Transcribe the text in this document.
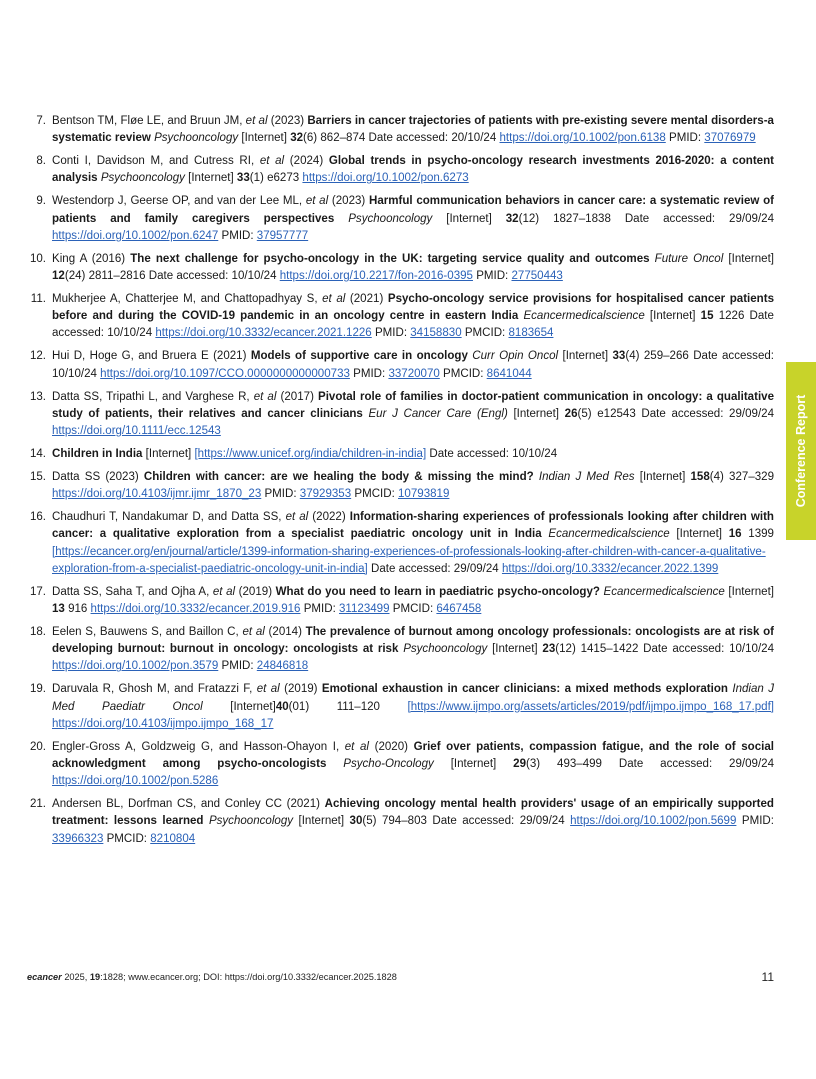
7. Bentson TM, Fløe LE, and Bruun JM, et al (2023) Barriers in cancer trajectories of patients with pre-existing severe mental disorders-a systematic review Psychooncology [Internet] 32(6) 862–874 Date accessed: 20/10/24 https://doi.org/10.1002/pon.6138 PMID: 37076979
8. Conti I, Davidson M, and Cutress RI, et al (2024) Global trends in psycho-oncology research investments 2016-2020: a content analysis Psychooncology [Internet] 33(1) e6273 https://doi.org/10.1002/pon.6273
9. Westendorp J, Geerse OP, and van der Lee ML, et al (2023) Harmful communication behaviors in cancer care: a systematic review of patients and family caregivers perspectives Psychooncology [Internet] 32(12) 1827–1838 Date accessed: 29/09/24 https://doi.org/10.1002/pon.6247 PMID: 37957777
10. King A (2016) The next challenge for psycho-oncology in the UK: targeting service quality and outcomes Future Oncol [Internet] 12(24) 2811–2816 Date accessed: 10/10/24 https://doi.org/10.2217/fon-2016-0395 PMID: 27750443
11. Mukherjee A, Chatterjee M, and Chattopadhyay S, et al (2021) Psycho-oncology service provisions for hospitalised cancer patients before and during the COVID-19 pandemic in an oncology centre in eastern India Ecancermedicalscience [Internet] 15 1226 Date accessed: 10/10/24 https://doi.org/10.3332/ecancer.2021.1226 PMID: 34158830 PMCID: 8183654
12. Hui D, Hoge G, and Bruera E (2021) Models of supportive care in oncology Curr Opin Oncol [Internet] 33(4) 259–266 Date accessed: 10/10/24 https://doi.org/10.1097/CCO.0000000000000733 PMID: 33720070 PMCID: 8641044
13. Datta SS, Tripathi L, and Varghese R, et al (2017) Pivotal role of families in doctor-patient communication in oncology: a qualitative study of patients, their relatives and cancer clinicians Eur J Cancer Care (Engl) [Internet] 26(5) e12543 Date accessed: 29/09/24 https://doi.org/10.1111/ecc.12543
14. Children in India [Internet] [https://www.unicef.org/india/children-in-india] Date accessed: 10/10/24
15. Datta SS (2023) Children with cancer: are we healing the body & missing the mind? Indian J Med Res [Internet] 158(4) 327–329 https://doi.org/10.4103/ijmr.ijmr_1870_23 PMID: 37929353 PMCID: 10793819
16. Chaudhuri T, Nandakumar D, and Datta SS, et al (2022) Information-sharing experiences of professionals looking after children with cancer: a qualitative exploration from a specialist paediatric oncology unit in India Ecancermedicalscience [Internet] 16 1399 [https://ecancer.org/en/journal/article/1399-information-sharing-experiences-of-professionals-looking-after-children-with-cancer-a-qualitative-exploration-from-a-specialist-paediatric-oncology-unit-in-india] Date accessed: 29/09/24 https://doi.org/10.3332/ecancer.2022.1399
17. Datta SS, Saha T, and Ojha A, et al (2019) What do you need to learn in paediatric psycho-oncology? Ecancermedicalscience [Internet] 13 916 https://doi.org/10.3332/ecancer.2019.916 PMID: 31123499 PMCID: 6467458
18. Eelen S, Bauwens S, and Baillon C, et al (2014) The prevalence of burnout among oncology professionals: oncologists are at risk of developing burnout: burnout in oncology: oncologists at risk Psychooncology [Internet] 23(12) 1415–1422 Date accessed: 10/10/24 https://doi.org/10.1002/pon.3579 PMID: 24846818
19. Daruvala R, Ghosh M, and Fratazzi F, et al (2019) Emotional exhaustion in cancer clinicians: a mixed methods exploration Indian J Med Paediatr Oncol [Internet]40(01) 111–120 [https://www.ijmpo.org/assets/articles/2019/pdf/ijmpo.ijmpo_168_17.pdf] https://doi.org/10.4103/ijmpo.ijmpo_168_17
20. Engler-Gross A, Goldzweig G, and Hasson-Ohayon I, et al (2020) Grief over patients, compassion fatigue, and the role of social acknowledgment among psycho-oncologists Psycho-Oncology [Internet] 29(3) 493–499 Date accessed: 29/09/24 https://doi.org/10.1002/pon.5286
21. Andersen BL, Dorfman CS, and Conley CC (2021) Achieving oncology mental health providers' usage of an empirically supported treatment: lessons learned Psychooncology [Internet] 30(5) 794–803 Date accessed: 29/09/24 https://doi.org/10.1002/pon.5699 PMID: 33966323 PMCID: 8210804
Conference Report
ecancer 2025, 19:1828; www.ecancer.org; DOI: https://doi.org/10.3332/ecancer.2025.1828	11
